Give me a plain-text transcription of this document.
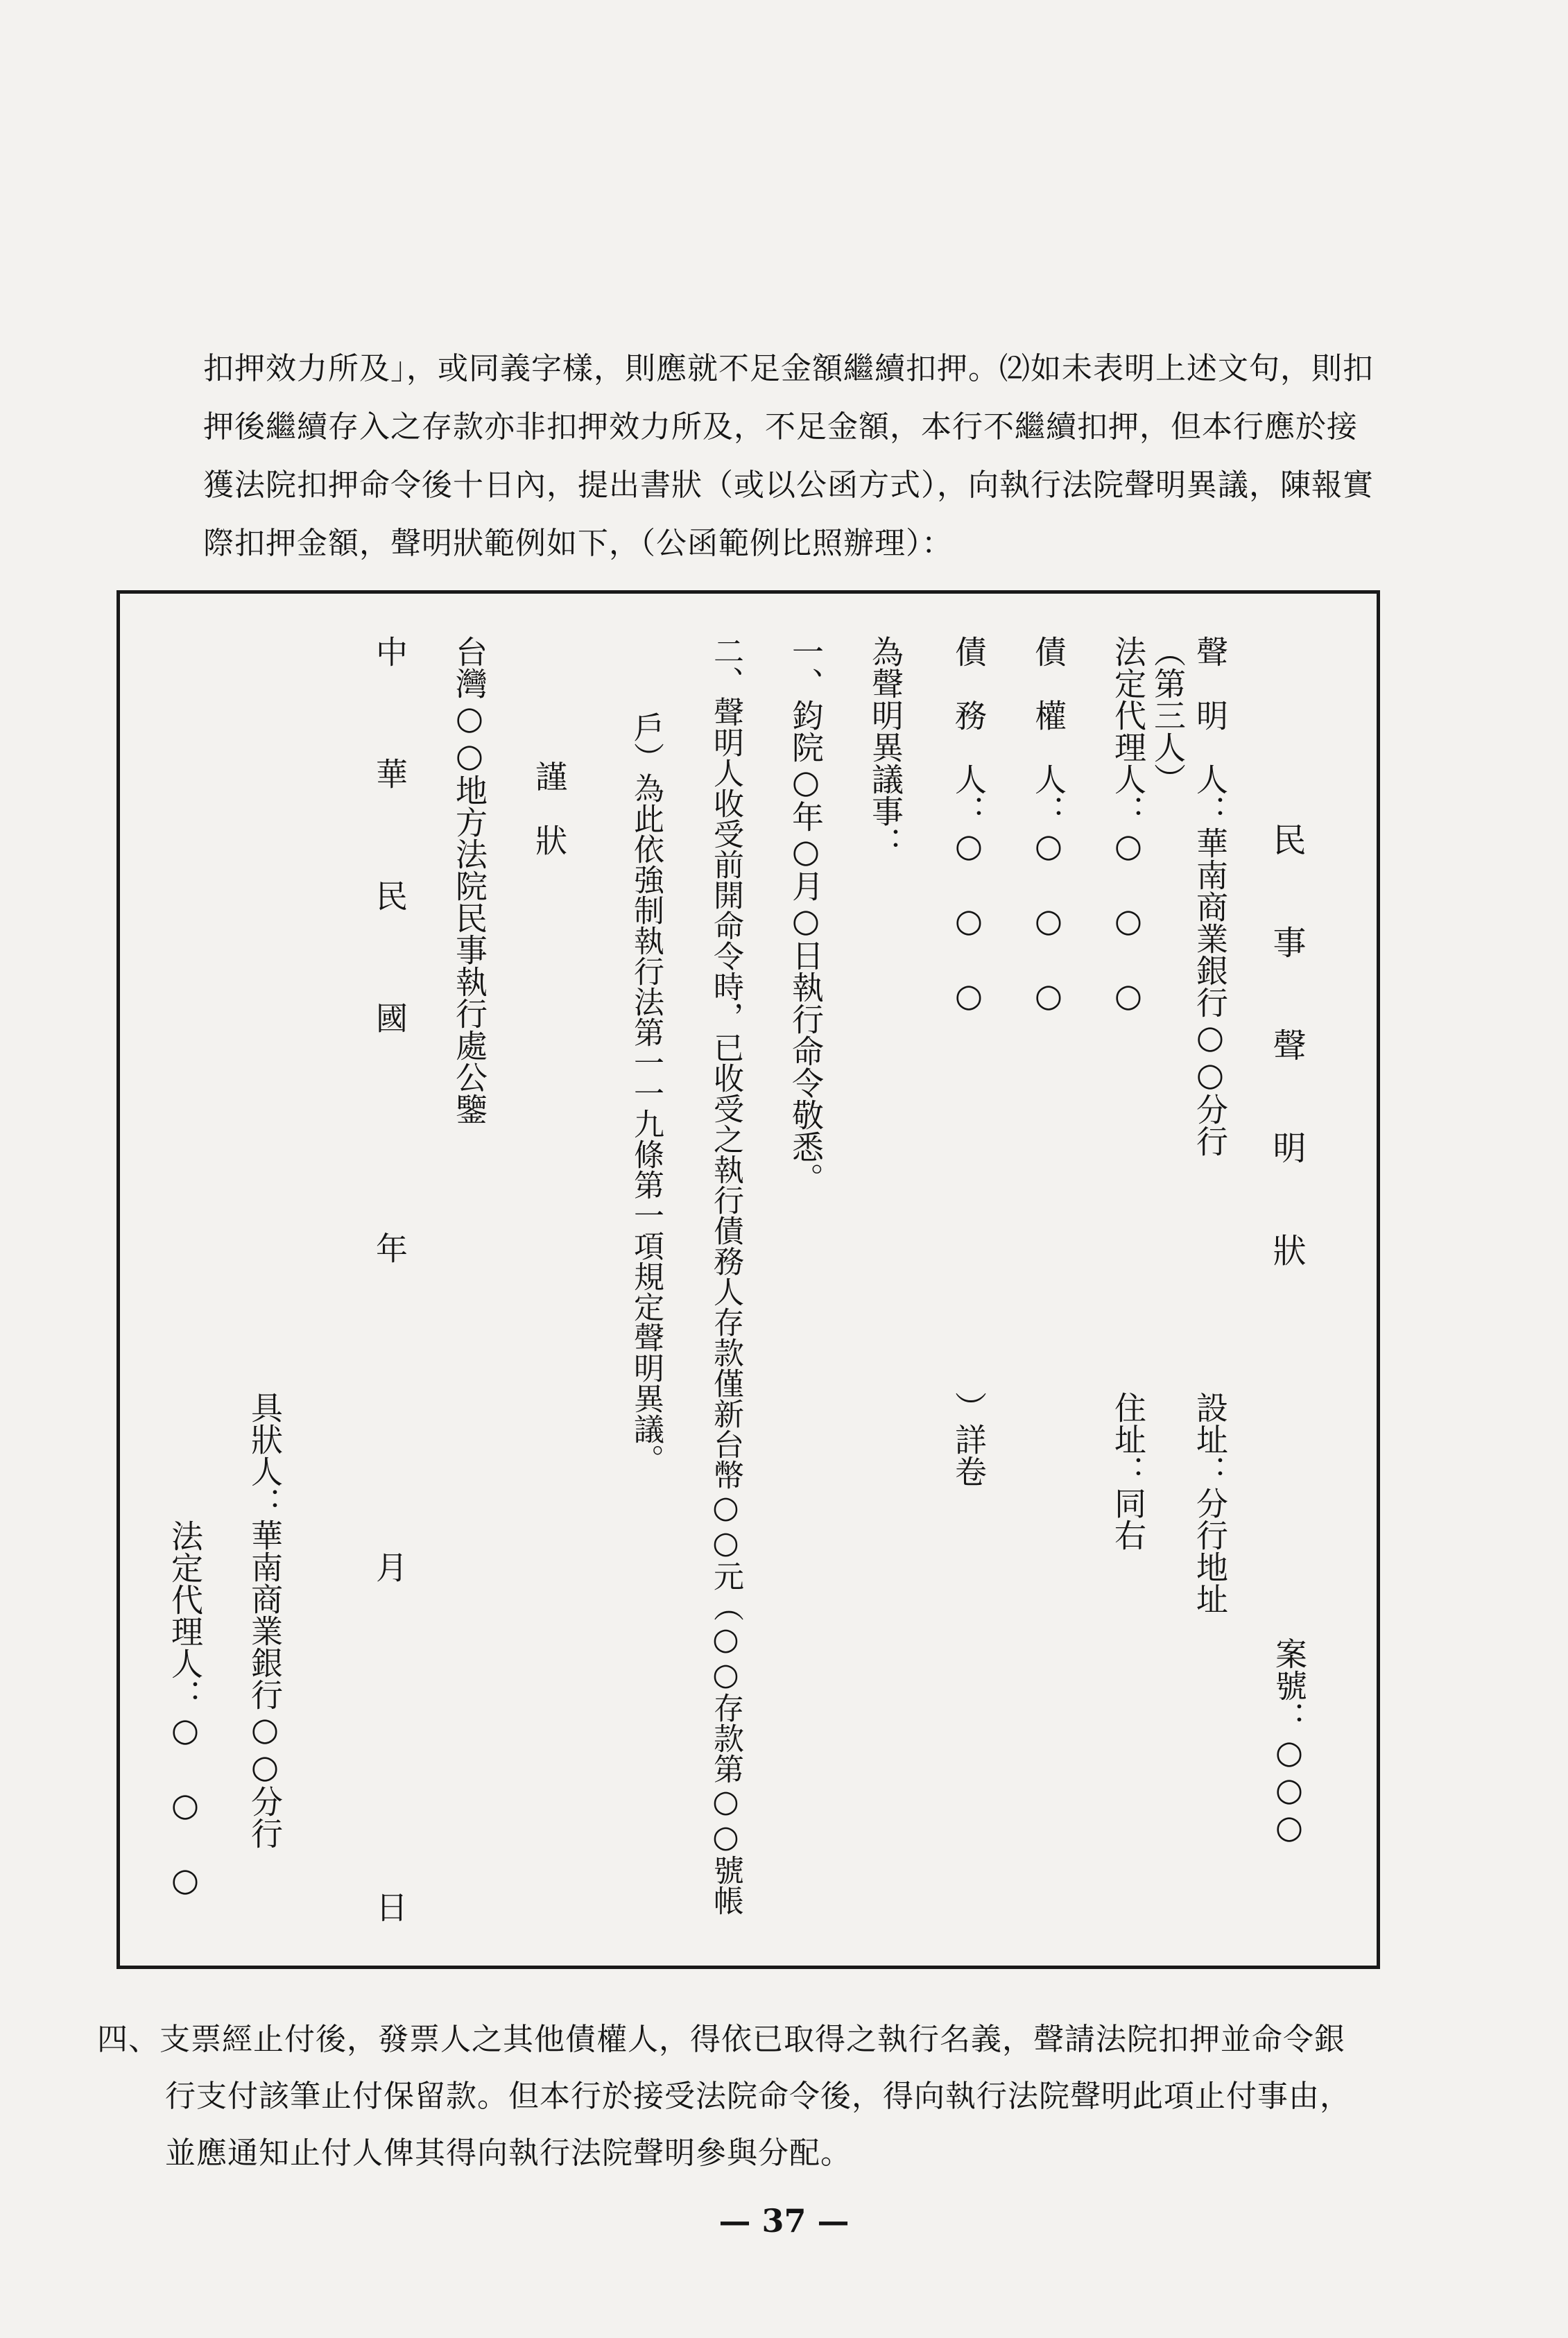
扣押效力所及」，或同義字樣，則應就不足金額繼續扣押。⑵如未表明上述文句，則扣
押後繼續存入之存款亦非扣押效力所及，不足金額，本行不繼續扣押，但本行應於接
獲法院扣押命令後十日內，提出書狀（或以公函方式），向執行法院聲明異議，陳報實
際扣押金額，聲明狀範例如下，（公函範例比照辦理）：
民 事 聲 明 狀
案號：○○○
聲　明　人：華南商業銀行○○分行
設址：分行地址
（第三人）
法定代理人：○ ○ ○
住址：同右
債　權　人：○ ○ ○
債　務　人：○ ○ ○
︶詳卷
為聲明異議事：
一、鈞院○年○月○日執行命令敬悉。
二、聲明人收受前開命令時，已收受之執行債務人存款僅新台幣○○元（○○存款第○○號帳
戶）為此依強制執行法第一一九條第一項規定聲明異議。
謹　狀
台灣○○地方法院民事執行處公鑒
中　華　民　國
年
月
日
具狀人：華南商業銀行○○分行
法定代理人：○ ○ ○
四、支票經止付後，發票人之其他債權人，得依已取得之執行名義，聲請法院扣押並命令銀
行支付該筆止付保留款。但本行於接受法院命令後，得向執行法院聲明此項止付事由，
並應通知止付人俾其得向執行法院聲明參與分配。
— 37 —
